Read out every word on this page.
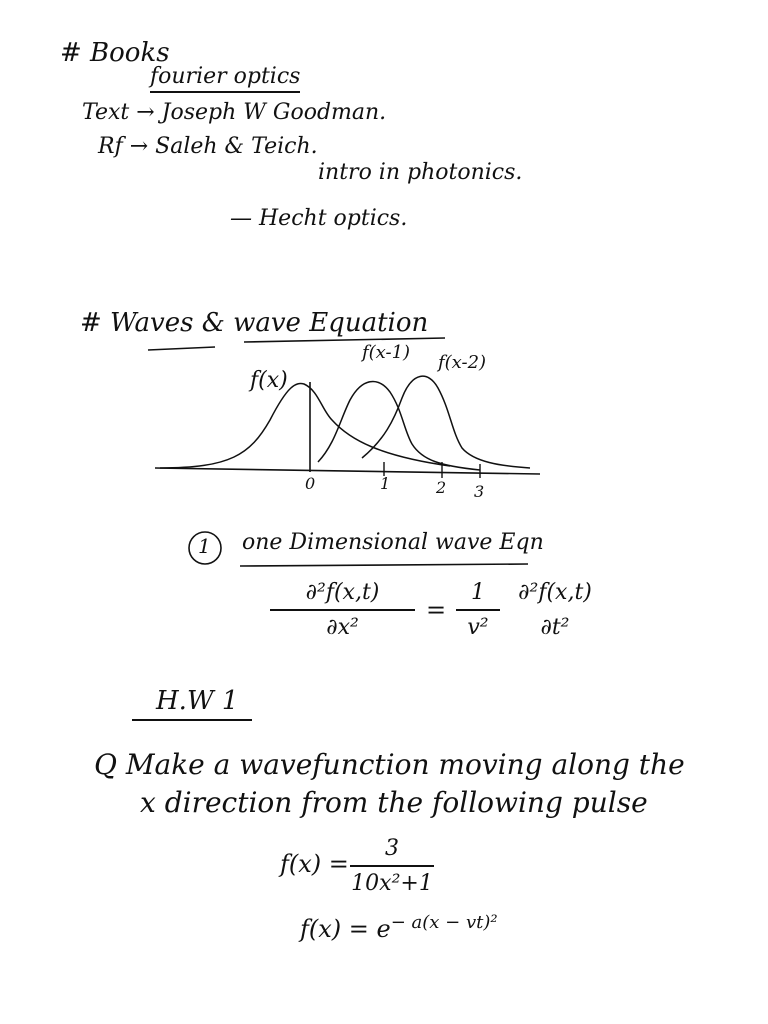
# Books
fourier optics
Text → Joseph W Goodman.
Rf → Saleh & Teich.
intro in photonics.
— Hecht optics.
# Waves & wave Equation
f(x)
f(x-1) f(x-2)
0	1	2 3
1 one Dimensional wave Eqn
∂²f(x,t)
∂x²
=
1
v²
∂²f(x,t)
∂t²
H.W 1
Q Make a wavefunction moving along the
x direction from the following pulse
f(x) =
3
10x²+1
$f(x) = e^{- a(x - vt)^2}$
